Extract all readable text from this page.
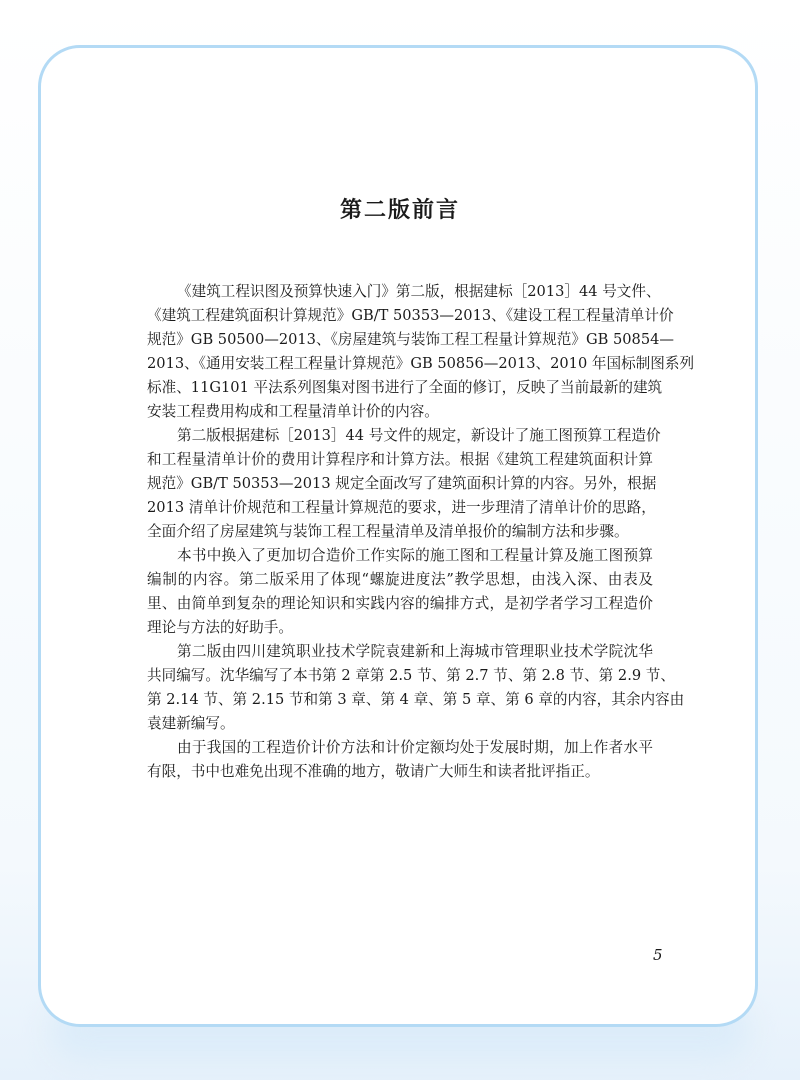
第二版前言
《建筑工程识图及预算快速入门》第二版，根据建标［2013］44 号文件、
《建筑工程建筑面积计算规范》GB/T 50353—2013、《建设工程工程量清单计价
规范》GB 50500—2013、《房屋建筑与装饰工程工程量计算规范》GB 50854—
2013、《通用安装工程工程量计算规范》GB 50856—2013、2010 年国标制图系列
标准、11G101 平法系列图集对图书进行了全面的修订，反映了当前最新的建筑
安装工程费用构成和工程量清单计价的内容。
第二版根据建标［2013］44 号文件的规定，新设计了施工图预算工程造价
和工程量清单计价的费用计算程序和计算方法。根据《建筑工程建筑面积计算
规范》GB/T 50353—2013 规定全面改写了建筑面积计算的内容。另外，根据
2013 清单计价规范和工程量计算规范的要求，进一步理清了清单计价的思路，
全面介绍了房屋建筑与装饰工程工程量清单及清单报价的编制方法和步骤。
本书中换入了更加切合造价工作实际的施工图和工程量计算及施工图预算
编制的内容。第二版采用了体现“螺旋进度法”教学思想，由浅入深、由表及
里、由简单到复杂的理论知识和实践内容的编排方式，是初学者学习工程造价
理论与方法的好助手。
第二版由四川建筑职业技术学院袁建新和上海城市管理职业技术学院沈华
共同编写。沈华编写了本书第 2 章第 2.5 节、第 2.7 节、第 2.8 节、第 2.9 节、
第 2.14 节、第 2.15 节和第 3 章、第 4 章、第 5 章、第 6 章的内容，其余内容由
袁建新编写。
由于我国的工程造价计价方法和计价定额均处于发展时期，加上作者水平
有限，书中也难免出现不准确的地方，敬请广大师生和读者批评指正。
5
